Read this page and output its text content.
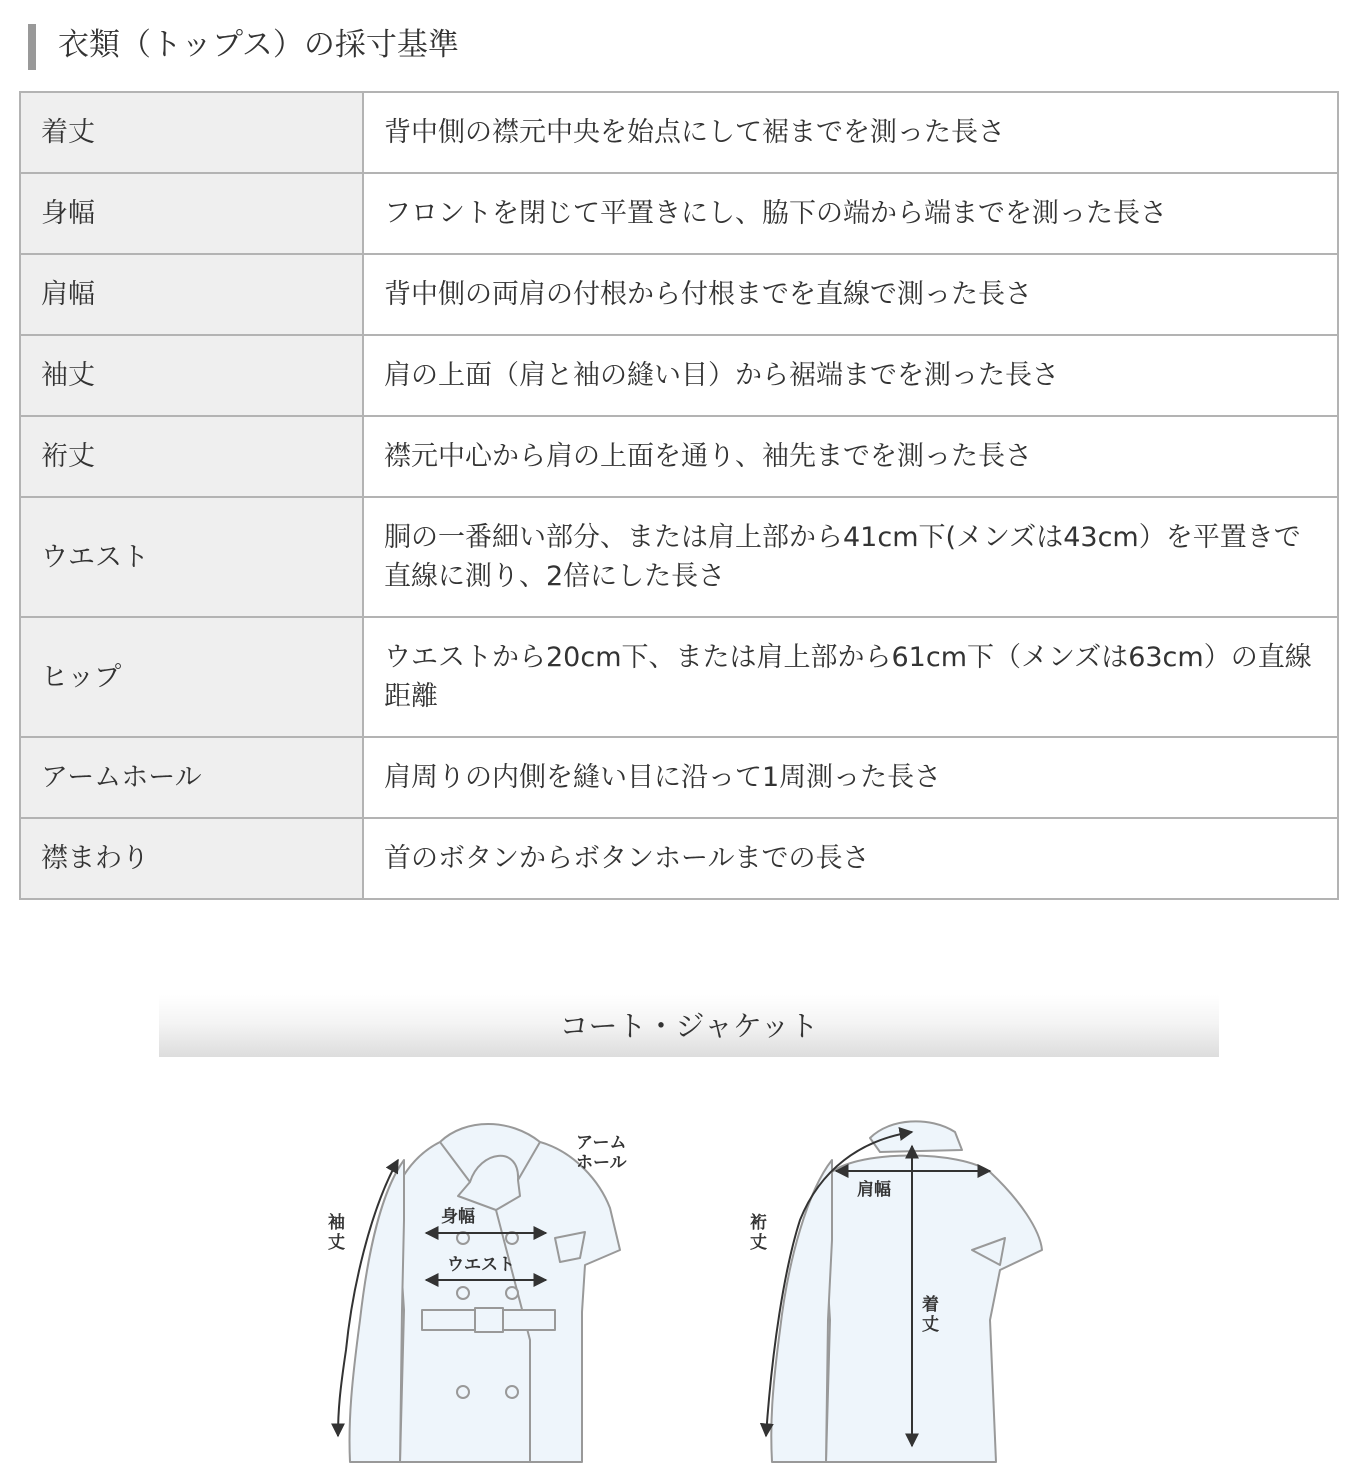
衣類（トップス）の採寸基準
着丈	背中側の襟元中央を始点にして裾までを測った長さ
身幅	フロントを閉じて平置きにし、脇下の端から端までを測った長さ
肩幅	背中側の両肩の付根から付根までを直線で測った長さ
袖丈	肩の上面（肩と袖の縫い目）から裾端までを測った長さ
裄丈	襟元中心から肩の上面を通り、袖先までを測った長さ
ウエスト	胴の一番細い部分、または肩上部から41cm下(メンズは43cm）を平置きで直線に測り、2倍にした長さ
ヒップ	ウエストから20cm下、または肩上部から61cm下（メンズは63cm）の直線距離
アームホール	肩周りの内側を縫い目に沿って1周測った長さ
襟まわり	首のボタンからボタンホールまでの長さ
コート・ジャケット
袖
丈
アーム
ホール
身幅
ウエスト
裄
丈
肩幅
着
丈
